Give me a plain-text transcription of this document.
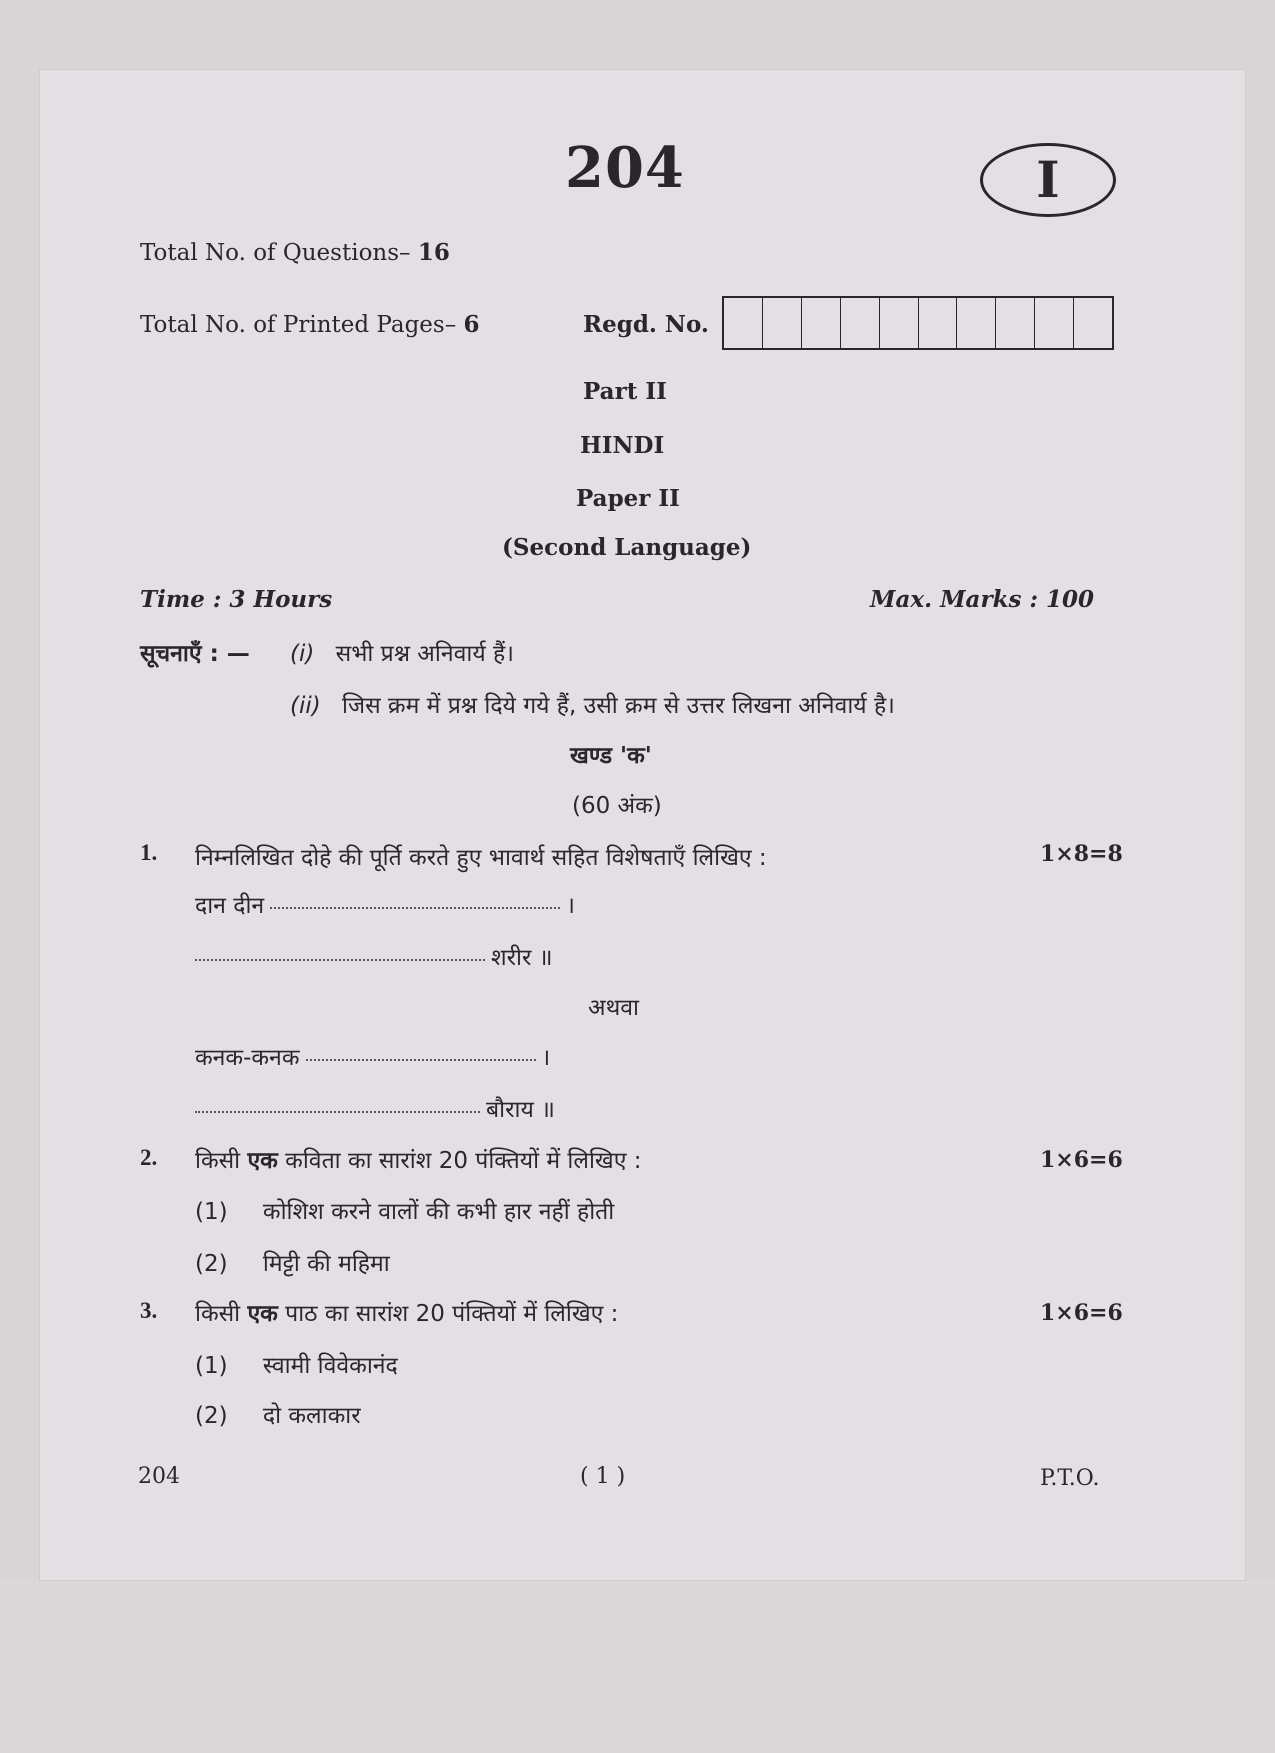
204	I
Total No. of Questions– 16
Total No. of Printed Pages– 6	Regd. No.
Part II
HINDI
Paper II
(Second Language)
Time : 3 Hours	Max. Marks : 100
सूचनाएँ : — (i) सभी प्रश्न अनिवार्य हैं।
(ii) जिस क्रम में प्रश्न दिये गये हैं, उसी क्रम से उत्तर लिखना अनिवार्य है।
खण्ड 'क'
(60 अंक)
1. निम्नलिखित दोहे की पूर्ति करते हुए भावार्थ सहित विशेषताएँ लिखिए :	1×8=8
दान दीन	।
शरीर ॥
अथवा
कनक-कनक	।
बौराय ॥
2. किसी एक कविता का सारांश 20 पंक्तियों में लिखिए :	1×6=6
(1) कोशिश करने वालों की कभी हार नहीं होती
(2) मिट्टी की महिमा
3. किसी एक पाठ का सारांश 20 पंक्तियों में लिखिए :	1×6=6
(1) स्वामी विवेकानंद
(2) दो कलाकार
204	( 1 )	P.T.O.
